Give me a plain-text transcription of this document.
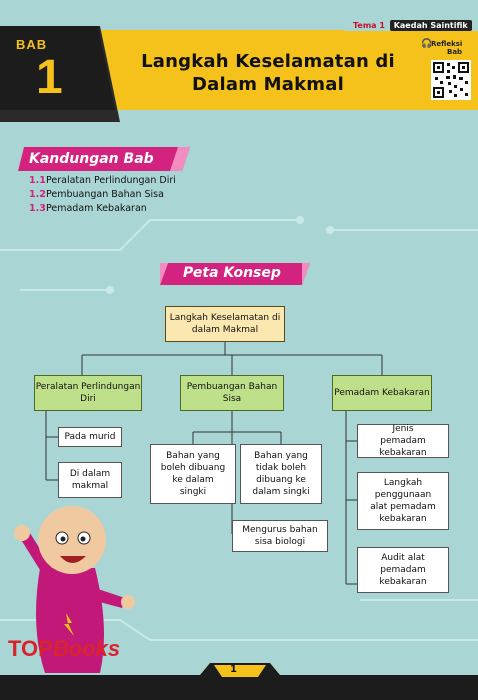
Tema 1 Kaedah Saintifik
BAB
1	Langkah Keselamatan di
Dalam Makmal
🎧
Refleksi
Bab
Kandungan Bab
1.1Peralatan Perlindungan Diri
1.2Pembuangan Bahan Sisa
1.3Pemadam Kebakaran
Peta Konsep
Langkah Keselamatan di dalam Makmal
Peralatan Perlindungan Diri
Pembuangan Bahan Sisa
Pemadam Kebakaran
Pada murid
Di dalam makmal
Bahan yang boleh dibuang ke dalam singki
Bahan yang tidak boleh dibuang ke dalam singki
Mengurus bahan sisa biologi
Jenis pemadam kebakaran
Langkah penggunaan alat pemadam kebakaran
Audit alat pemadam kebakaran
1
TOPBooks
